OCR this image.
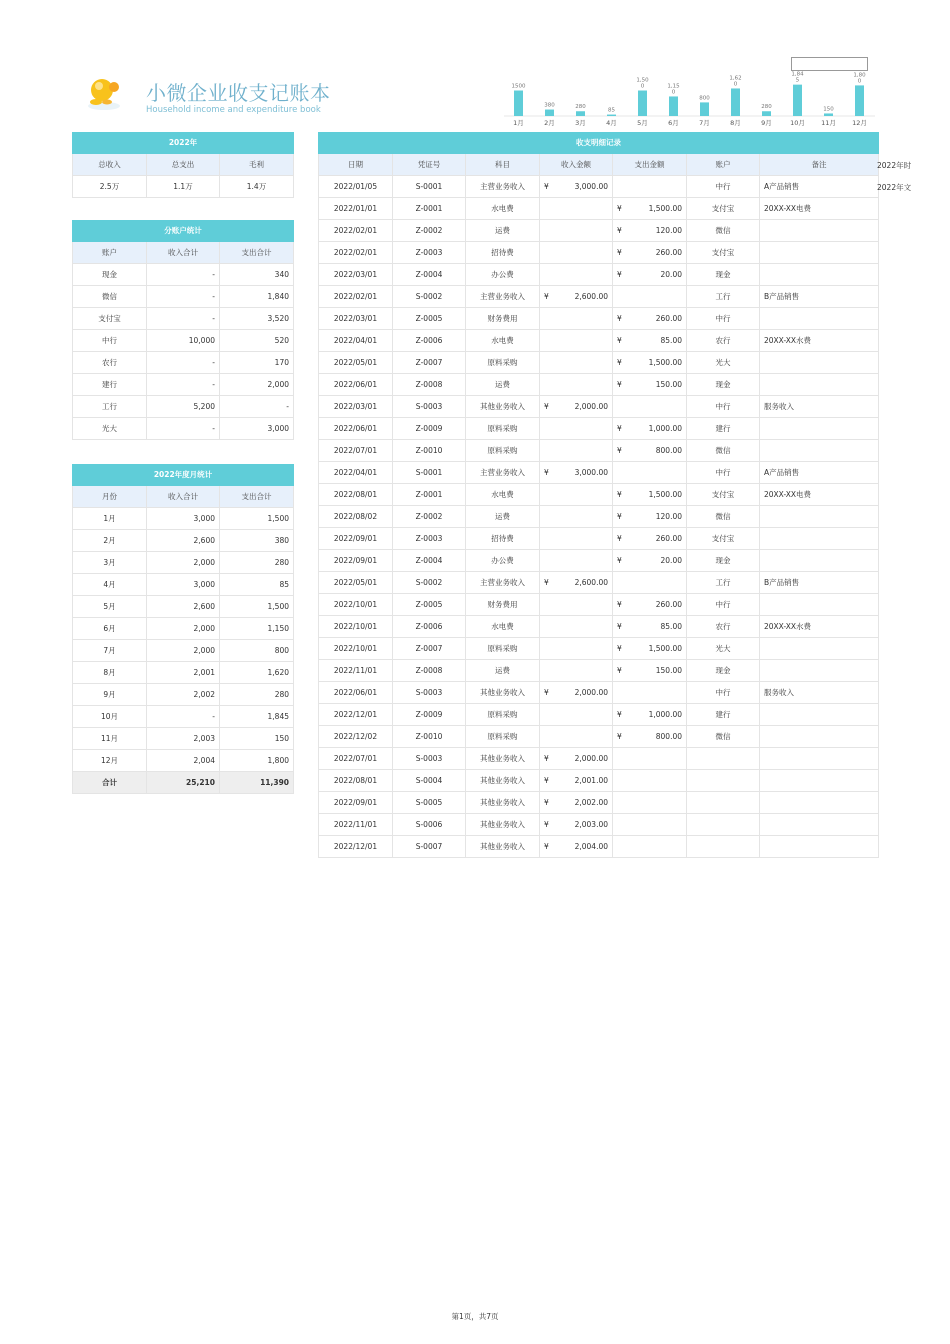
小微企业收支记账本
Household income and expenditure book
1500
1月
380
2月
280
3月
85
4月
1,50
0
5月
1,15
0
6月
800
7月
1,62
0
8月
280
9月
1,84
5
10月
150
11月
1,80
0
12月
2022年		
总收入	总支出	毛利
2.5万	1.1万	1.4万
分账户统计		
账户	收入合计	支出合计
现金	-	340
微信	-	1,840
支付宝	-	3,520
中行	10,000	520
农行	-	170
建行	-	2,000
工行	5,200	-
光大	-	3,000
2022年度月统计		
月份	收入合计	支出合计
1月	3,000	1,500
2月	2,600	380
3月	2,000	280
4月	3,000	85
5月	2,600	1,500
6月	2,000	1,150
7月	2,000	800
8月	2,001	1,620
9月	2,002	280
10月	-	1,845
11月	2,003	150
12月	2,004	1,800
合计	25,210	11,390
收支明细记录						
日期	凭证号	科目	收入金额	支出金额	账户	备注
2022/01/05	S-0001	主营业务收入	¥ 3,000.00		中行	A产品销售
2022/01/01	Z-0001	水电费		¥ 1,500.00	支付宝	20XX-XX电费
2022/02/01	Z-0002	运费		¥ 120.00	微信	
2022/02/01	Z-0003	招待费		¥ 260.00	支付宝	
2022/03/01	Z-0004	办公费		¥ 20.00	现金	
2022/02/01	S-0002	主营业务收入	¥ 2,600.00		工行	B产品销售
2022/03/01	Z-0005	财务费用		¥ 260.00	中行	
2022/04/01	Z-0006	水电费		¥ 85.00	农行	20XX-XX水费
2022/05/01	Z-0007	原料采购		¥ 1,500.00	光大	
2022/06/01	Z-0008	运费		¥ 150.00	现金	
2022/03/01	S-0003	其他业务收入	¥ 2,000.00		中行	服务收入
2022/06/01	Z-0009	原料采购		¥ 1,000.00	建行	
2022/07/01	Z-0010	原料采购		¥ 800.00	微信	
2022/04/01	S-0001	主营业务收入	¥ 3,000.00		中行	A产品销售
2022/08/01	Z-0001	水电费		¥ 1,500.00	支付宝	20XX-XX电费
2022/08/02	Z-0002	运费		¥ 120.00	微信	
2022/09/01	Z-0003	招待费		¥ 260.00	支付宝	
2022/09/01	Z-0004	办公费		¥ 20.00	现金	
2022/05/01	S-0002	主营业务收入	¥ 2,600.00		工行	B产品销售
2022/10/01	Z-0005	财务费用		¥ 260.00	中行	
2022/10/01	Z-0006	水电费		¥ 85.00	农行	20XX-XX水费
2022/10/01	Z-0007	原料采购		¥ 1,500.00	光大	
2022/11/01	Z-0008	运费		¥ 150.00	现金	
2022/06/01	S-0003	其他业务收入	¥ 2,000.00		中行	服务收入
2022/12/01	Z-0009	原料采购		¥ 1,000.00	建行	
2022/12/02	Z-0010	原料采购		¥ 800.00	微信	
2022/07/01	S-0003	其他业务收入	¥ 2,000.00			

2022/08/01	S-0004	其他业务收入	¥ 2,001.00			

2022/09/01	S-0005	其他业务收入	¥ 2,002.00			

2022/11/01	S-0006	其他业务收入	¥ 2,003.00			

2022/12/01	S-0007	其他业务收入	¥ 2,004.00			

2022年时
2022年文
第1页，共7页
